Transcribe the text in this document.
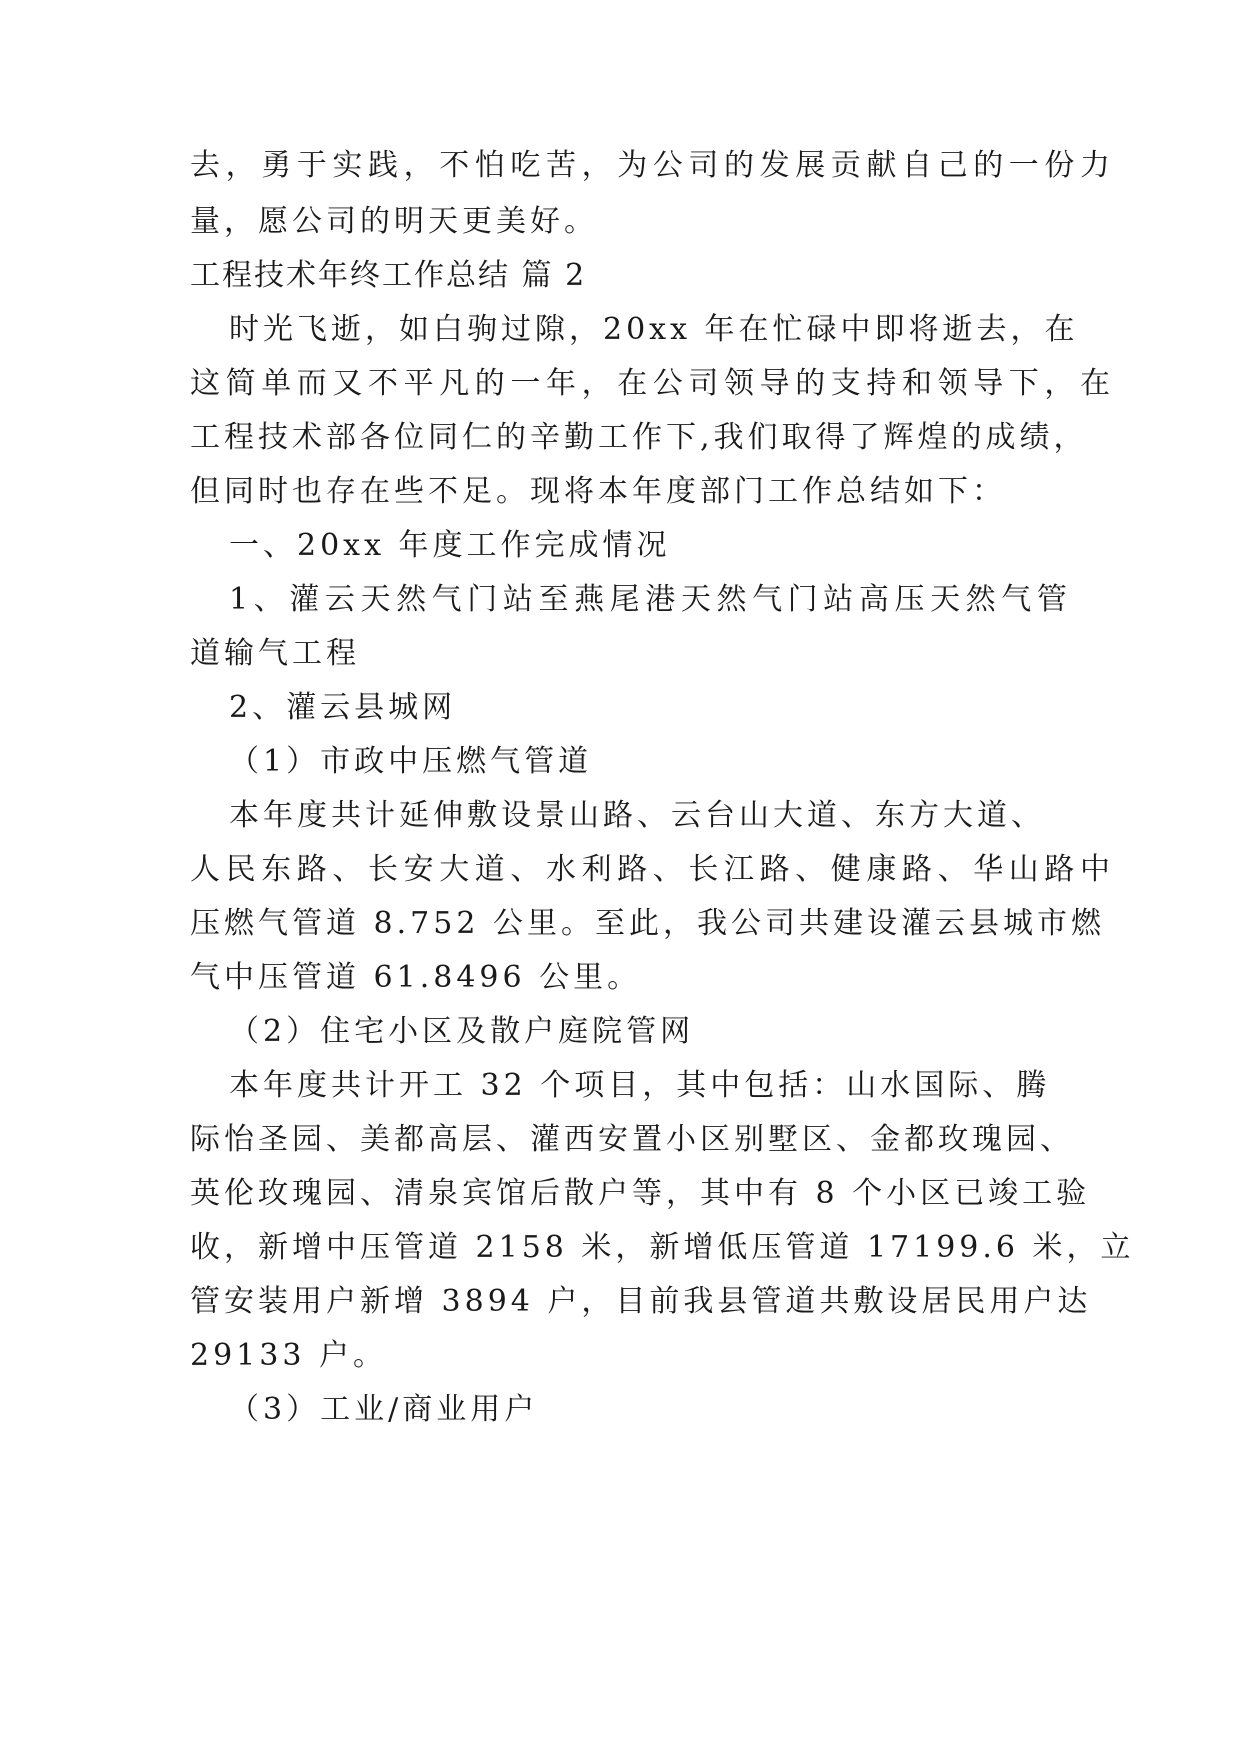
去，勇于实践，不怕吃苦，为公司的发展贡献自己的一份力
量，愿公司的明天更美好。
工程技术年终工作总结 篇 2
时光飞逝，如白驹过隙，20xx 年在忙碌中即将逝去，在
这简单而又不平凡的一年，在公司领导的支持和领导下，在
工程技术部各位同仁的辛勤工作下,我们取得了辉煌的成绩，
但同时也存在些不足。现将本年度部门工作总结如下：
一、20xx 年度工作完成情况
1、灌云天然气门站至燕尾港天然气门站高压天然气管
道输气工程
2、灌云县城网
（1）市政中压燃气管道
本年度共计延伸敷设景山路、云台山大道、东方大道、
人民东路、长安大道、水利路、长江路、健康路、华山路中
压燃气管道 8.752 公里。至此，我公司共建设灌云县城市燃
气中压管道 61.8496 公里。
（2）住宅小区及散户庭院管网
本年度共计开工 32 个项目，其中包括：山水国际、腾
际怡圣园、美都高层、灌西安置小区别墅区、金都玫瑰园、
英伦玫瑰园、清泉宾馆后散户等，其中有 8 个小区已竣工验
收，新增中压管道 2158 米，新增低压管道 17199.6 米，立
管安装用户新增 3894 户，目前我县管道共敷设居民用户达
29133 户。
（3）工业/商业用户
